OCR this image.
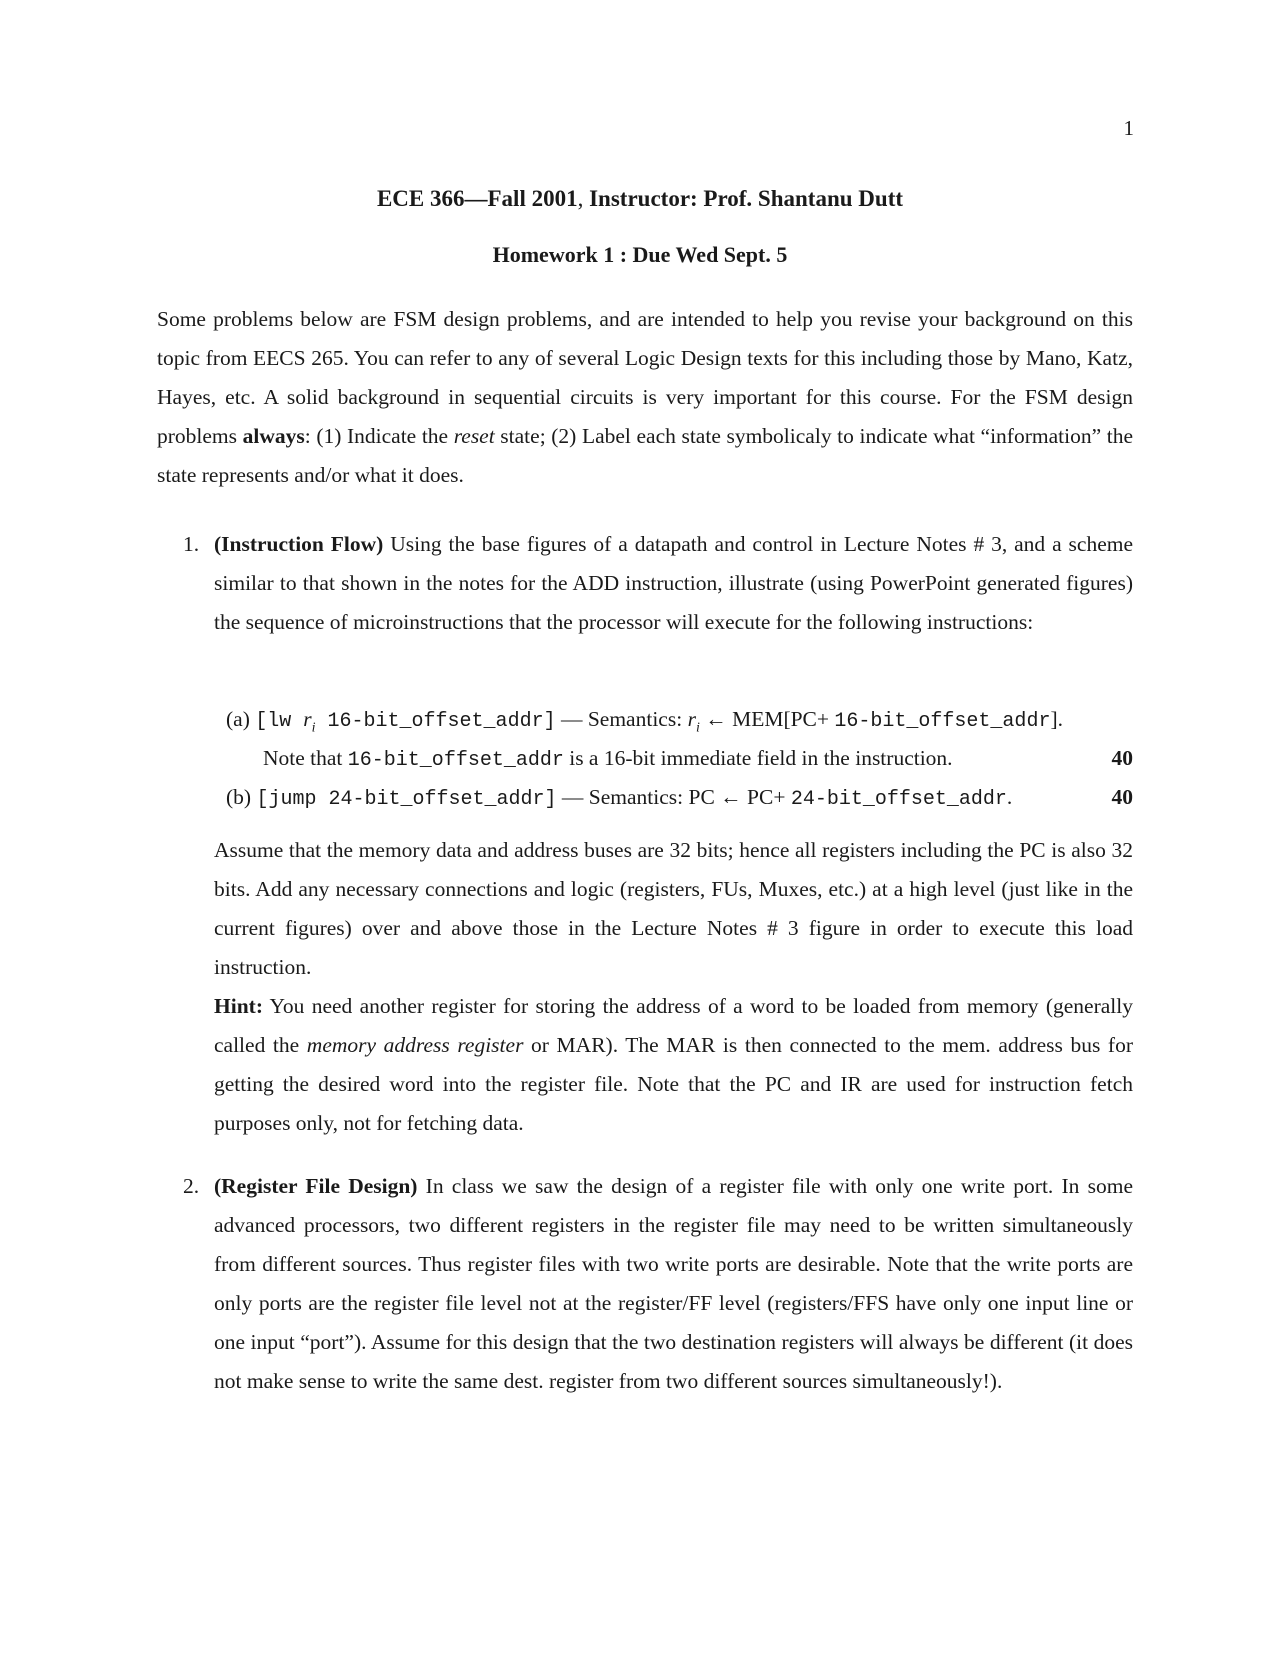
1
ECE 366—Fall 2001, Instructor: Prof. Shantanu Dutt
Homework 1 : Due Wed Sept. 5
Some problems below are FSM design problems, and are intended to help you revise your background on this topic from EECS 265. You can refer to any of several Logic Design texts for this including those by Mano, Katz, Hayes, etc. A solid background in sequential circuits is very important for this course. For the FSM design problems always: (1) Indicate the reset state; (2) Label each state symbolicaly to indicate what “information” the state represents and/or what it does.
1. (Instruction Flow) Using the base figures of a datapath and control in Lecture Notes # 3, and a scheme similar to that shown in the notes for the ADD instruction, illustrate (using PowerPoint generated figures) the sequence of microinstructions that the processor will execute for the following instructions:
(a) [lw $r_i$ 16-bit_offset_addr] — Semantics: $r_i$ ← MEM[PC+ 16-bit_offset_addr].
Note that 16-bit_offset_addr is a 16-bit immediate field in the instruction.	40
(b) [jump 24-bit_offset_addr] — Semantics: PC ← PC+ 24-bit_offset_addr.	40
Assume that the memory data and address buses are 32 bits; hence all registers including the PC is also 32 bits. Add any necessary connections and logic (registers, FUs, Muxes, etc.) at a high level (just like in the current figures) over and above those in the Lecture Notes # 3 figure in order to execute this load instruction.
Hint: You need another register for storing the address of a word to be loaded from memory (generally called the memory address register or MAR). The MAR is then connected to the mem. address bus for getting the desired word into the register file. Note that the PC and IR are used for instruction fetch purposes only, not for fetching data.
2. (Register File Design) In class we saw the design of a register file with only one write port. In some advanced processors, two different registers in the register file may need to be written simultaneously from different sources. Thus register files with two write ports are desirable. Note that the write ports are only ports are the register file level not at the register/FF level (registers/FFS have only one input line or one input “port”). Assume for this design that the two destination registers will always be different (it does not make sense to write the same dest. register from two different sources simultaneously!).
